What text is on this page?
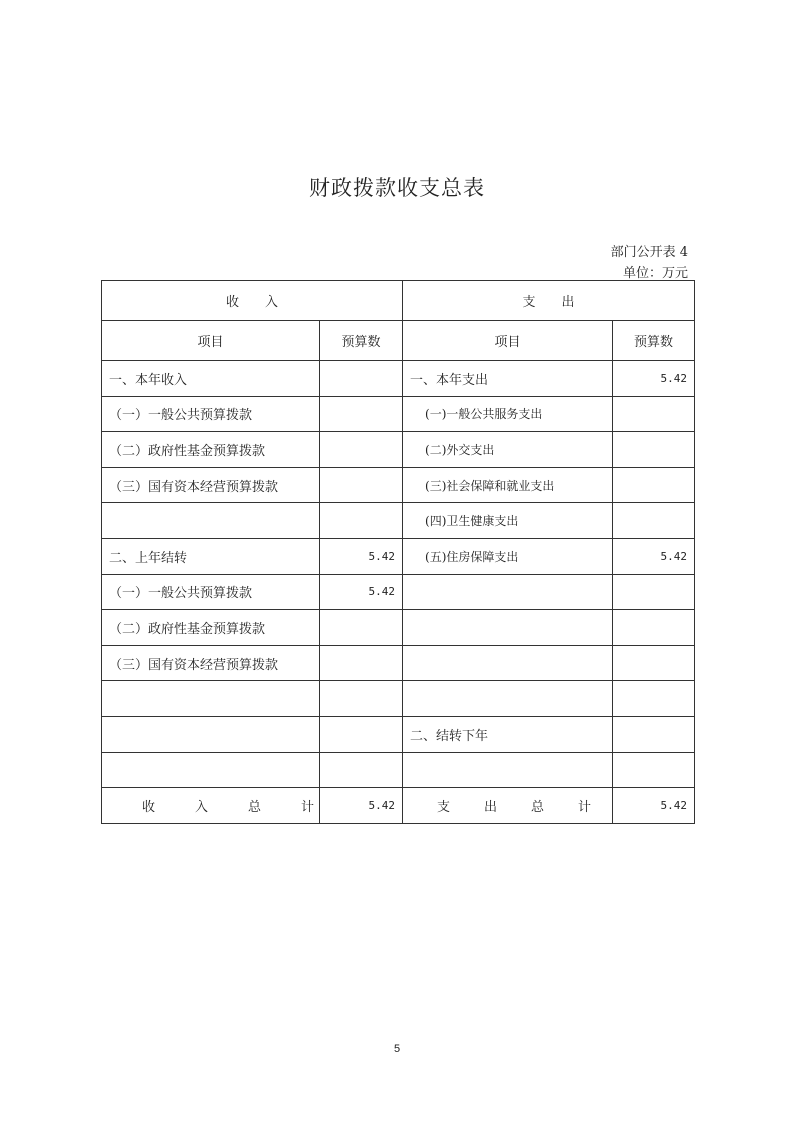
财政拨款收支总表
部门公开表 4
单位：万元
收　　入		支　　出	
项目	预算数	项目	预算数
一、本年收入		一、本年支出	5.42
（一）一般公共预算拨款		(一)一般公共服务支出	
（二）政府性基金预算拨款		(二)外交支出	
（三）国有资本经营预算拨款		(三)社会保障和就业支出	
		(四)卫生健康支出	
二、上年结转	5.42	(五)住房保障支出	5.42
（一）一般公共预算拨款	5.42		
（二）政府性基金预算拨款			
（三）国有资本经营预算拨款			

		二、结转下年	

收入总计	5.42	支出总计	5.42
5
